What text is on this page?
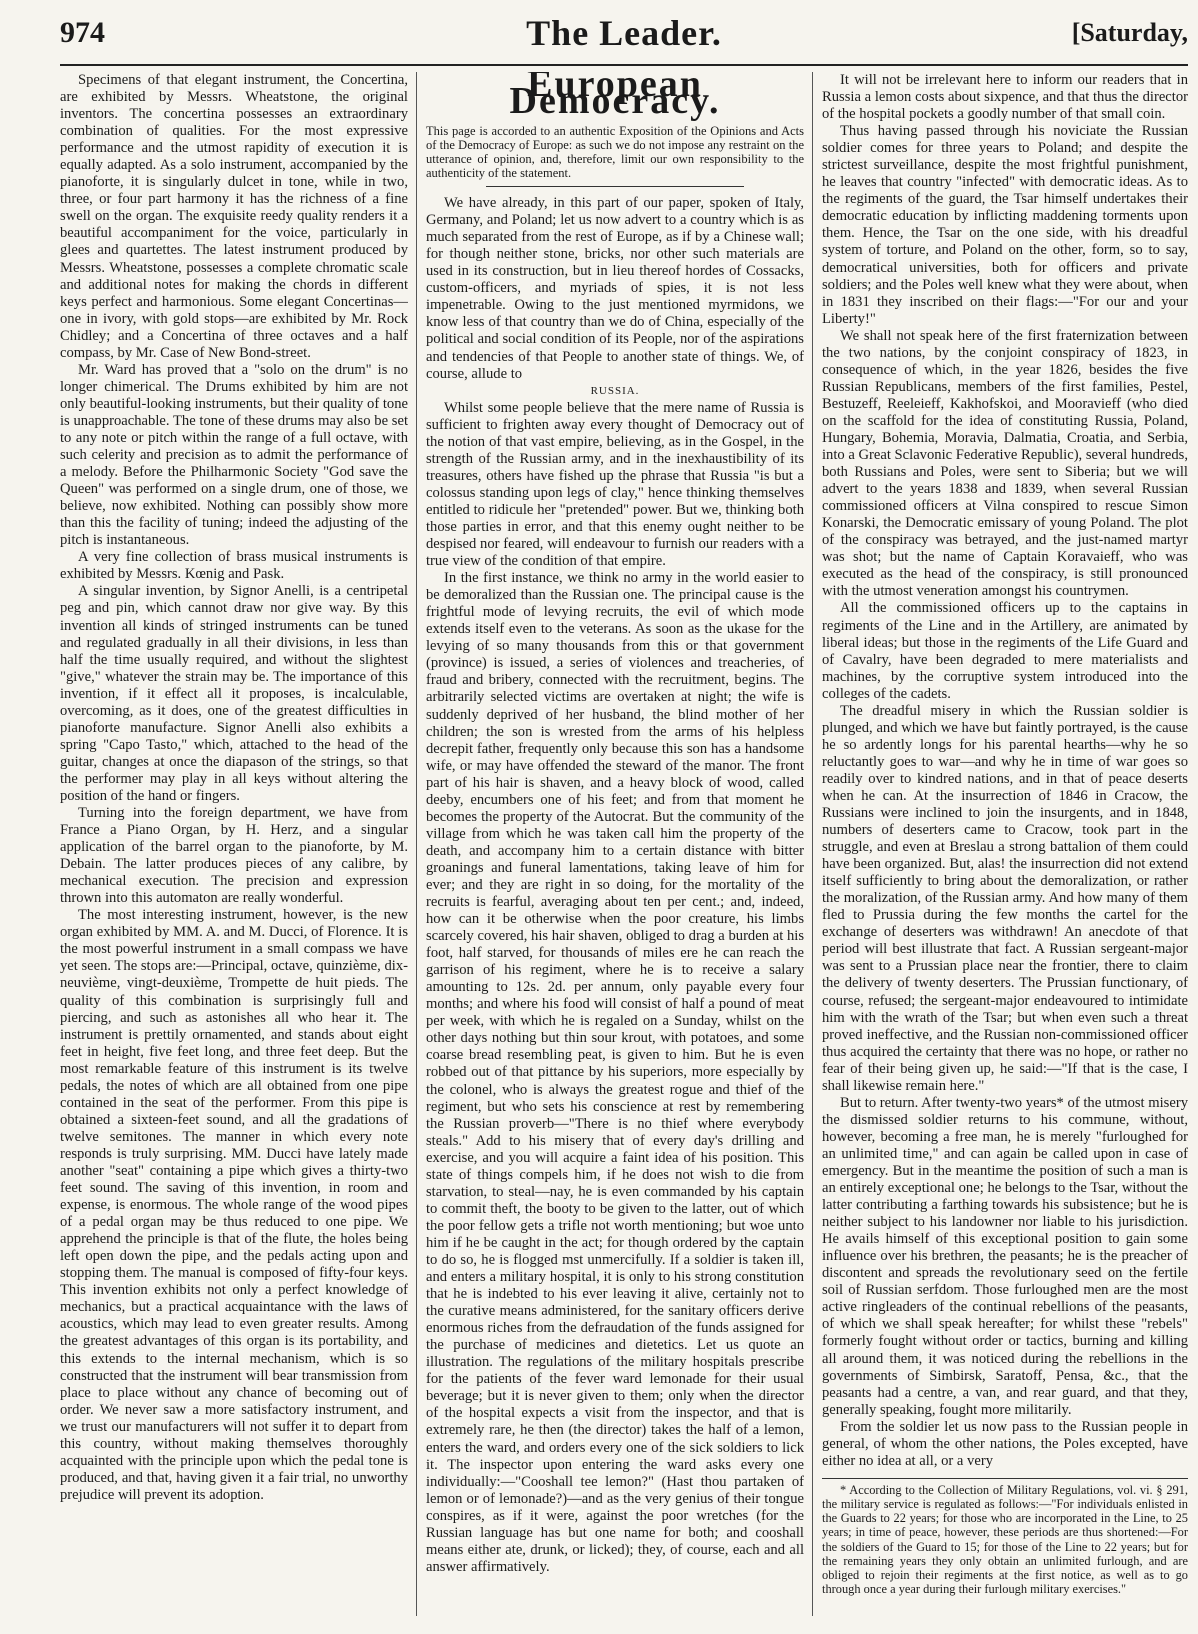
974	The Leader.	[Saturday,

Specimens of that elegant instrument, the Concertina, are exhibited by Messrs. Wheatstone, the original inventors. The concertina possesses an extraordinary combination of qualities. For the most expressive performance and the utmost rapidity of execution it is equally adapted. As a solo instrument, accompanied by the pianoforte, it is singularly dulcet in tone, while in two, three, or four part harmony it has the richness of a fine swell on the organ. The exquisite reedy quality renders it a beautiful accompaniment for the voice, particularly in glees and quartettes. The latest instrument produced by Messrs. Wheatstone, possesses a complete chromatic scale and additional notes for making the chords in different keys perfect and harmonious. Some elegant Concertinas—one in ivory, with gold stops—are exhibited by Mr. Rock Chidley; and a Concertina of three octaves and a half compass, by Mr. Case of New Bond-street.

Mr. Ward has proved that a "solo on the drum" is no longer chimerical. The Drums exhibited by him are not only beautiful-looking instruments, but their quality of tone is unapproachable. The tone of these drums may also be set to any note or pitch within the range of a full octave, with such celerity and precision as to admit the performance of a melody. Before the Philharmonic Society "God save the Queen" was performed on a single drum, one of those, we believe, now exhibited. Nothing can possibly show more than this the facility of tuning; indeed the adjusting of the pitch is instantaneous.

A very fine collection of brass musical instruments is exhibited by Messrs. Kœnig and Pask.

A singular invention, by Signor Anelli, is a centripetal peg and pin, which cannot draw nor give way. By this invention all kinds of stringed instruments can be tuned and regulated gradually in all their divisions, in less than half the time usually required, and without the slightest "give," whatever the strain may be. The importance of this invention, if it effect all it proposes, is incalculable, overcoming, as it does, one of the greatest difficulties in pianoforte manufacture. Signor Anelli also exhibits a spring "Capo Tasto," which, attached to the head of the guitar, changes at once the diapason of the strings, so that the performer may play in all keys without altering the position of the hand or fingers.

Turning into the foreign department, we have from France a Piano Organ, by H. Herz, and a singular application of the barrel organ to the pianoforte, by M. Debain. The latter produces pieces of any calibre, by mechanical execution. The precision and expression thrown into this automaton are really wonderful.

The most interesting instrument, however, is the new organ exhibited by MM. A. and M. Ducci, of Florence. It is the most powerful instrument in a small compass we have yet seen. The stops are:—Principal, octave, quinzième, dix-neuvième, vingt-deuxième, Trompette de huit pieds. The quality of this combination is surprisingly full and piercing, and such as astonishes all who hear it. The instrument is prettily ornamented, and stands about eight feet in height, five feet long, and three feet deep. But the most remarkable feature of this instrument is its twelve pedals, the notes of which are all obtained from one pipe contained in the seat of the performer. From this pipe is obtained a sixteen-feet sound, and all the gradations of twelve semitones. The manner in which every note responds is truly surprising. MM. Ducci have lately made another "seat" containing a pipe which gives a thirty-two feet sound. The saving of this invention, in room and expense, is enormous. The whole range of the wood pipes of a pedal organ may be thus reduced to one pipe. We apprehend the principle is that of the flute, the holes being left open down the pipe, and the pedals acting upon and stopping them. The manual is composed of fifty-four keys. This invention exhibits not only a perfect knowledge of mechanics, but a practical acquaintance with the laws of acoustics, which may lead to even greater results. Among the greatest advantages of this organ is its portability, and this extends to the internal mechanism, which is so constructed that the instrument will bear transmission from place to place without any chance of becoming out of order. We never saw a more satisfactory instrument, and we trust our manufacturers will not suffer it to depart from this country, without making themselves thoroughly acquainted with the principle upon which the pedal tone is produced, and that, having given it a fair trial, no unworthy prejudice will prevent its adoption.

European Democracy.

This page is accorded to an authentic Exposition of the Opinions and Acts of the Democracy of Europe: as such we do not impose any restraint on the utterance of opinion, and, therefore, limit our own responsibility to the authenticity of the statement.

We have already, in this part of our paper, spoken of Italy, Germany, and Poland; let us now advert to a country which is as much separated from the rest of Europe, as if by a Chinese wall; for though neither stone, bricks, nor other such materials are used in its construction, but in lieu thereof hordes of Cossacks, custom-officers, and myriads of spies, it is not less impenetrable. Owing to the just mentioned myrmidons, we know less of that country than we do of China, especially of the political and social condition of its People, nor of the aspirations and tendencies of that People to another state of things. We, of course, allude to

RUSSIA.

Whilst some people believe that the mere name of Russia is sufficient to frighten away every thought of Democracy out of the notion of that vast empire, believing, as in the Gospel, in the strength of the Russian army, and in the inexhaustibility of its treasures, others have fished up the phrase that Russia "is but a colossus standing upon legs of clay," hence thinking themselves entitled to ridicule her "pretended" power. But we, thinking both those parties in error, and that this enemy ought neither to be despised nor feared, will endeavour to furnish our readers with a true view of the condition of that empire.

In the first instance, we think no army in the world easier to be demoralized than the Russian one. The principal cause is the frightful mode of levying recruits, the evil of which mode extends itself even to the veterans. As soon as the ukase for the levying of so many thousands from this or that government (province) is issued, a series of violences and treacheries, of fraud and bribery, connected with the recruitment, begins. The arbitrarily selected victims are overtaken at night; the wife is suddenly deprived of her husband, the blind mother of her children; the son is wrested from the arms of his helpless decrepit father, frequently only because this son has a handsome wife, or may have offended the steward of the manor. The front part of his hair is shaven, and a heavy block of wood, called deeby, encumbers one of his feet; and from that moment he becomes the property of the Autocrat. But the community of the village from which he was taken call him the property of the death, and accompany him to a certain distance with bitter groanings and funeral lamentations, taking leave of him for ever; and they are right in so doing, for the mortality of the recruits is fearful, averaging about ten per cent.; and, indeed, how can it be otherwise when the poor creature, his limbs scarcely covered, his hair shaven, obliged to drag a burden at his foot, half starved, for thousands of miles ere he can reach the garrison of his regiment, where he is to receive a salary amounting to 12s. 2d. per annum, only payable every four months; and where his food will consist of half a pound of meat per week, with which he is regaled on a Sunday, whilst on the other days nothing but thin sour krout, with potatoes, and some coarse bread resembling peat, is given to him. But he is even robbed out of that pittance by his superiors, more especially by the colonel, who is always the greatest rogue and thief of the regiment, but who sets his conscience at rest by remembering the Russian proverb—"There is no thief where everybody steals." Add to his misery that of every day's drilling and exercise, and you will acquire a faint idea of his position. This state of things compels him, if he does not wish to die from starvation, to steal—nay, he is even commanded by his captain to commit theft, the booty to be given to the latter, out of which the poor fellow gets a trifle not worth mentioning; but woe unto him if he be caught in the act; for though ordered by the captain to do so, he is flogged mst unmercifully. If a soldier is taken ill, and enters a military hospital, it is only to his strong constitution that he is indebted to his ever leaving it alive, certainly not to the curative means administered, for the sanitary officers derive enormous riches from the defraudation of the funds assigned for the purchase of medicines and dietetics. Let us quote an illustration. The regulations of the military hospitals prescribe for the patients of the fever ward lemonade for their usual beverage; but it is never given to them; only when the director of the hospital expects a visit from the inspector, and that is extremely rare, he then (the director) takes the half of a lemon, enters the ward, and orders every one of the sick soldiers to lick it. The inspector upon entering the ward asks every one individually:—"Cooshall tee lemon?" (Hast thou partaken of lemon or of lemonade?)—and as the very genius of their tongue conspires, as if it were, against the poor wretches (for the Russian language has but one name for both; and cooshall means either ate, drunk, or licked); they, of course, each and all answer affirmatively.

It will not be irrelevant here to inform our readers that in Russia a lemon costs about sixpence, and that thus the director of the hospital pockets a goodly number of that small coin.

Thus having passed through his noviciate the Russian soldier comes for three years to Poland; and despite the strictest surveillance, despite the most frightful punishment, he leaves that country "infected" with democratic ideas. As to the regiments of the guard, the Tsar himself undertakes their democratic education by inflicting maddening torments upon them. Hence, the Tsar on the one side, with his dreadful system of torture, and Poland on the other, form, so to say, democratical universities, both for officers and private soldiers; and the Poles well knew what they were about, when in 1831 they inscribed on their flags:—"For our and your Liberty!"

We shall not speak here of the first fraternization between the two nations, by the conjoint conspiracy of 1823, in consequence of which, in the year 1826, besides the five Russian Republicans, members of the first families, Pestel, Bestuzeff, Reeleieff, Kakhofskoi, and Mooravieff (who died on the scaffold for the idea of constituting Russia, Poland, Hungary, Bohemia, Moravia, Dalmatia, Croatia, and Serbia, into a Great Sclavonic Federative Republic), several hundreds, both Russians and Poles, were sent to Siberia; but we will advert to the years 1838 and 1839, when several Russian commissioned officers at Vilna conspired to rescue Simon Konarski, the Democratic emissary of young Poland. The plot of the conspiracy was betrayed, and the just-named martyr was shot; but the name of Captain Koravaieff, who was executed as the head of the conspiracy, is still pronounced with the utmost veneration amongst his countrymen.

All the commissioned officers up to the captains in regiments of the Line and in the Artillery, are animated by liberal ideas; but those in the regiments of the Life Guard and of Cavalry, have been degraded to mere materialists and machines, by the corruptive system introduced into the colleges of the cadets.

The dreadful misery in which the Russian soldier is plunged, and which we have but faintly portrayed, is the cause he so ardently longs for his parental hearths—why he so reluctantly goes to war—and why he in time of war goes so readily over to kindred nations, and in that of peace deserts when he can. At the insurrection of 1846 in Cracow, the Russians were inclined to join the insurgents, and in 1848, numbers of deserters came to Cracow, took part in the struggle, and even at Breslau a strong battalion of them could have been organized. But, alas! the insurrection did not extend itself sufficiently to bring about the demoralization, or rather the moralization, of the Russian army. And how many of them fled to Prussia during the few months the cartel for the exchange of deserters was withdrawn! An anecdote of that period will best illustrate that fact. A Russian sergeant-major was sent to a Prussian place near the frontier, there to claim the delivery of twenty deserters. The Prussian functionary, of course, refused; the sergeant-major endeavoured to intimidate him with the wrath of the Tsar; but when even such a threat proved ineffective, and the Russian non-commissioned officer thus acquired the certainty that there was no hope, or rather no fear of their being given up, he said:—"If that is the case, I shall likewise remain here."

But to return. After twenty-two years* of the utmost misery the dismissed soldier returns to his commune, without, however, becoming a free man, he is merely "furloughed for an unlimited time," and can again be called upon in case of emergency. But in the meantime the position of such a man is an entirely exceptional one; he belongs to the Tsar, without the latter contributing a farthing towards his subsistence; but he is neither subject to his landowner nor liable to his jurisdiction. He avails himself of this exceptional position to gain some influence over his brethren, the peasants; he is the preacher of discontent and spreads the revolutionary seed on the fertile soil of Russian serfdom. Those furloughed men are the most active ringleaders of the continual rebellions of the peasants, of which we shall speak hereafter; for whilst these "rebels" formerly fought without order or tactics, burning and killing all around them, it was noticed during the rebellions in the governments of Simbirsk, Saratoff, Pensa, &c., that the peasants had a centre, a van, and rear guard, and that they, generally speaking, fought more militarily.

From the soldier let us now pass to the Russian people in general, of whom the other nations, the Poles excepted, have either no idea at all, or a very

* According to the Collection of Military Regulations, vol. vi. § 291, the military service is regulated as follows:—"For individuals enlisted in the Guards to 22 years; for those who are incorporated in the Line, to 25 years; in time of peace, however, these periods are thus shortened:—For the soldiers of the Guard to 15; for those of the Line to 22 years; but for the remaining years they only obtain an unlimited furlough, and are obliged to rejoin their regiments at the first notice, as well as to go through once a year during their furlough military exercises."
